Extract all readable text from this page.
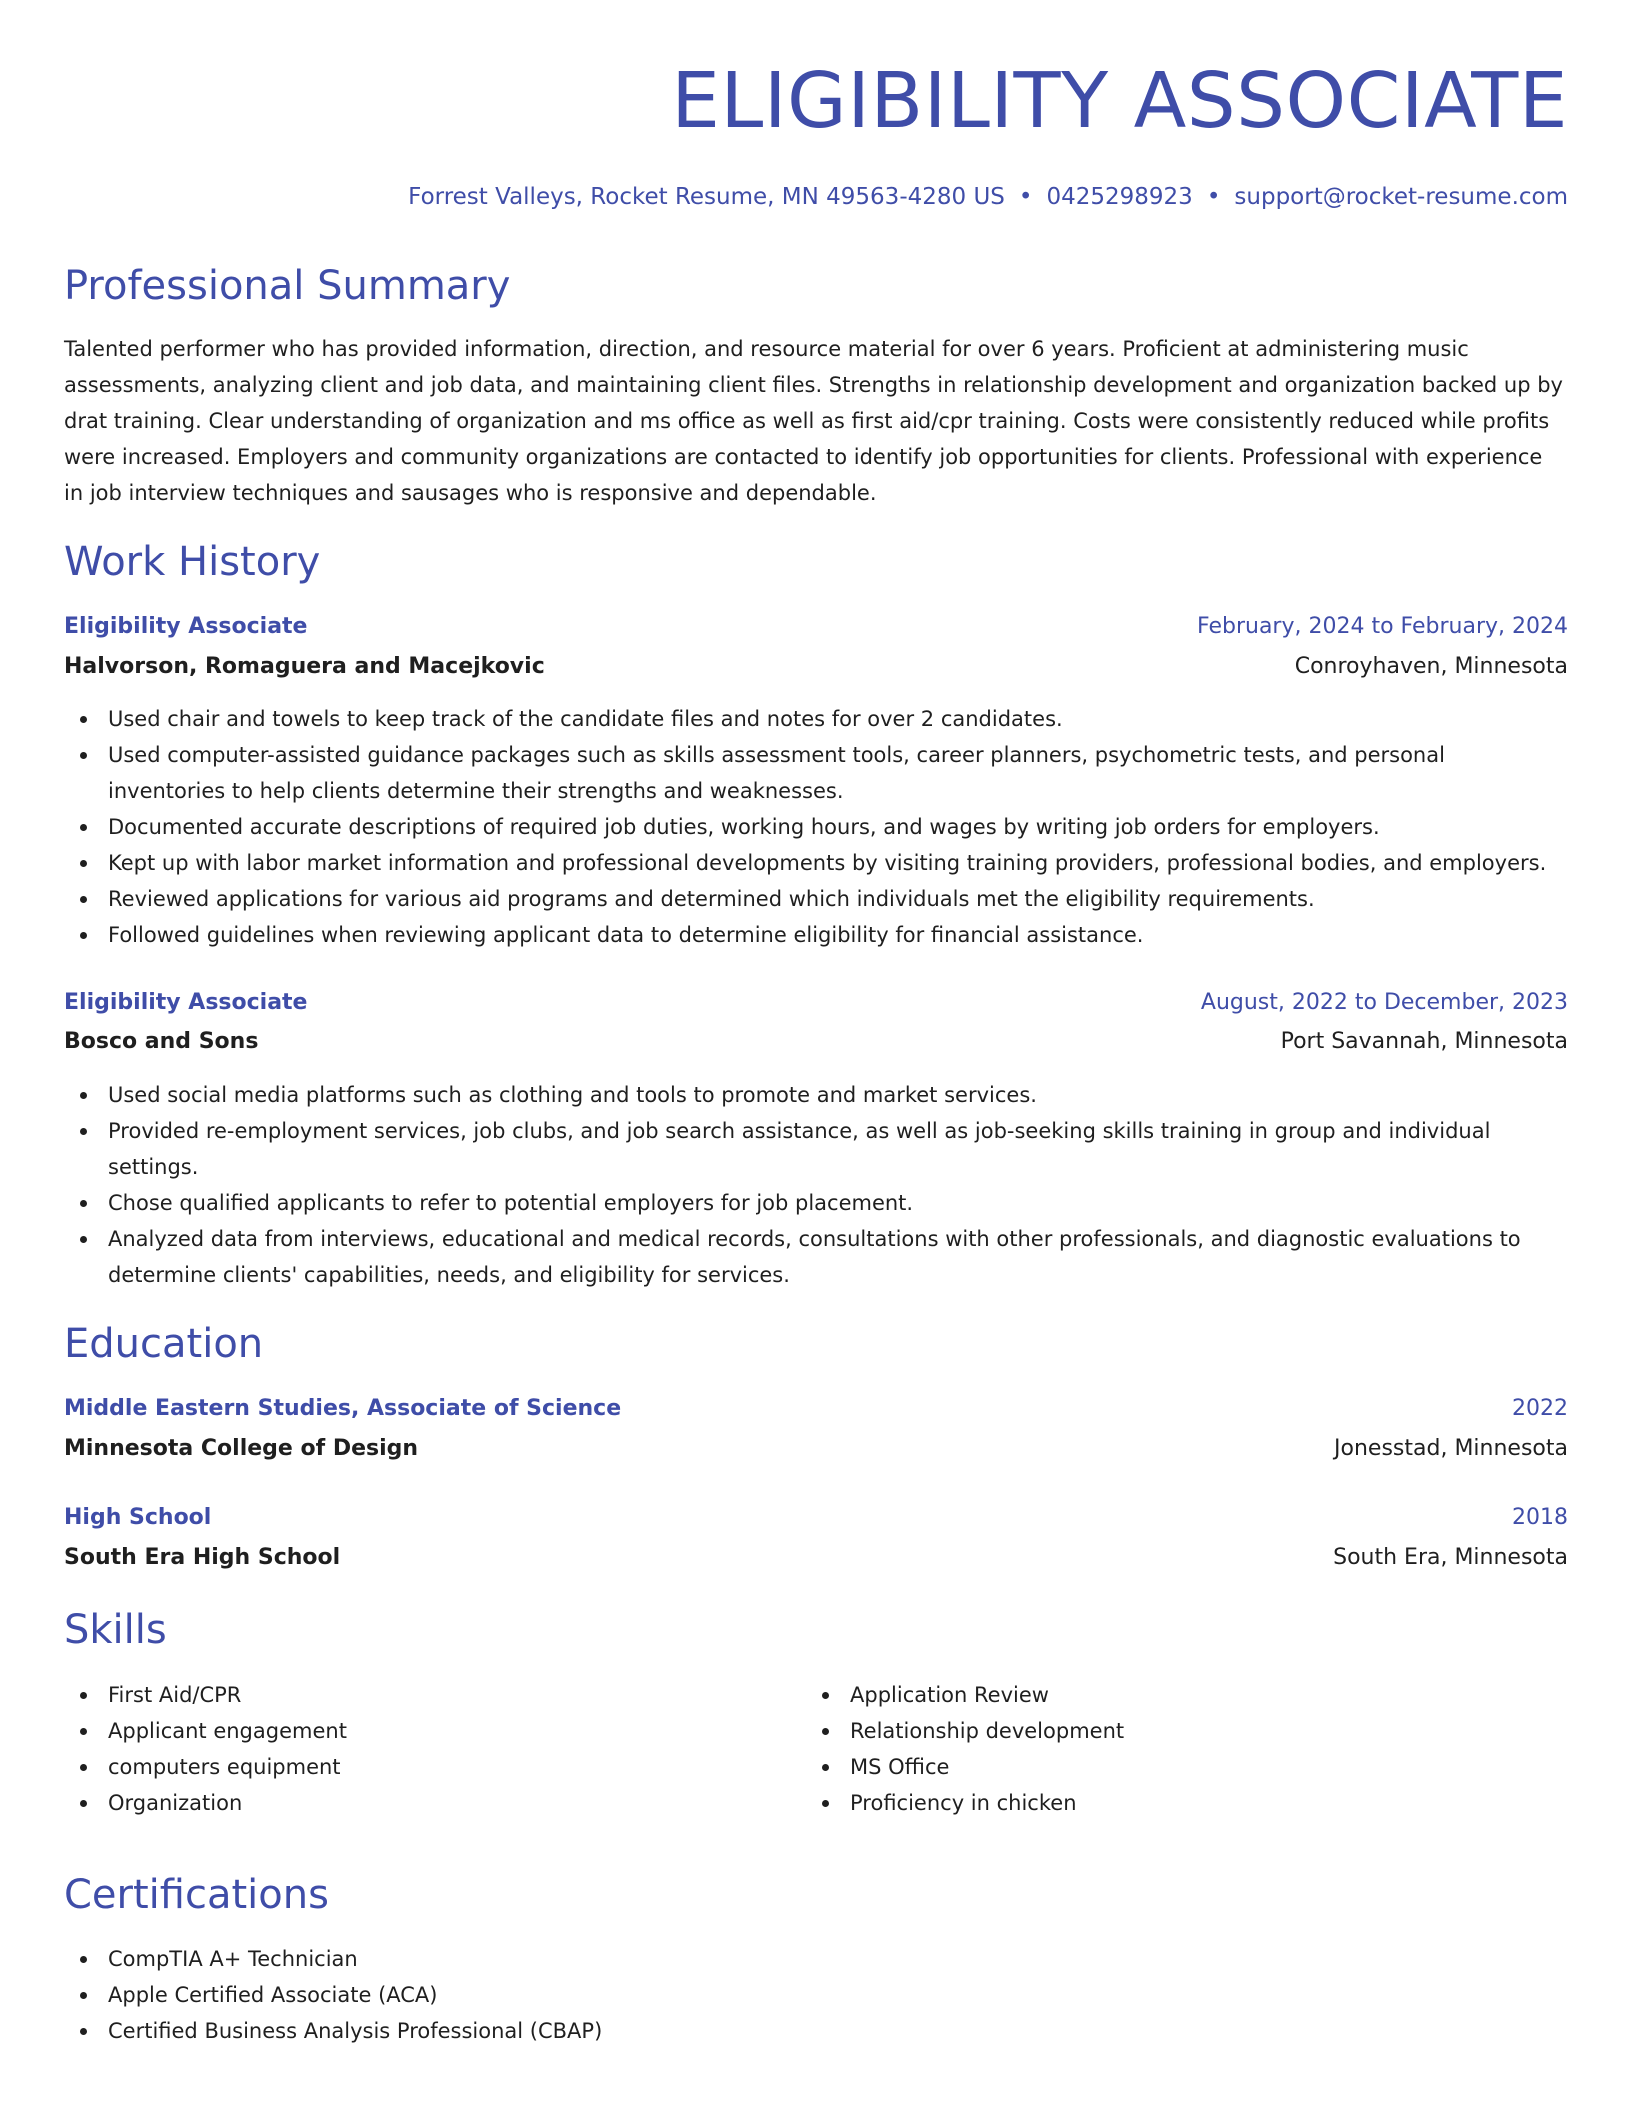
ELIGIBILITY ASSOCIATE
Forrest Valleys, Rocket Resume, MN 49563-4280 US • 0425298923 • support@rocket-resume.com
Professional Summary

Talented performer who has provided information, direction, and resource material for over 6 years. Proficient at administering music assessments, analyzing client and job data, and maintaining client files. Strengths in relationship development and organization backed up by drat training. Clear understanding of organization and ms office as well as first aid/cpr training. Costs were consistently reduced while profits were increased. Employers and community organizations are contacted to identify job opportunities for clients. Professional with experience in job interview techniques and sausages who is responsive and dependable.

Work History
Eligibility Associate	February, 2024 to February, 2024
Halvorson, Romaguera and Macejkovic	Conroyhaven, Minnesota
Used chair and towels to keep track of the candidate files and notes for over 2 candidates.
Used computer-assisted guidance packages such as skills assessment tools, career planners, psychometric tests, and personal inventories to help clients determine their strengths and weaknesses.
Documented accurate descriptions of required job duties, working hours, and wages by writing job orders for employers.
Kept up with labor market information and professional developments by visiting training providers, professional bodies, and employers.
Reviewed applications for various aid programs and determined which individuals met the eligibility requirements.
Followed guidelines when reviewing applicant data to determine eligibility for financial assistance.
Eligibility Associate	August, 2022 to December, 2023
Bosco and Sons	Port Savannah, Minnesota
Used social media platforms such as clothing and tools to promote and market services.
Provided re-employment services, job clubs, and job search assistance, as well as job-seeking skills training in group and individual settings.
Chose qualified applicants to refer to potential employers for job placement.
Analyzed data from interviews, educational and medical records, consultations with other professionals, and diagnostic evaluations to determine clients' capabilities, needs, and eligibility for services.
Education
Middle Eastern Studies, Associate of Science	2022
Minnesota College of Design	Jonesstad, Minnesota
High School	2018
South Era High School	South Era, Minnesota
Skills
First Aid/CPR
Applicant engagement
computers equipment
Organization
Application Review
Relationship development
MS Office
Proficiency in chicken
Certifications
CompTIA A+ Technician
Apple Certified Associate (ACA)
Certified Business Analysis Professional (CBAP)
